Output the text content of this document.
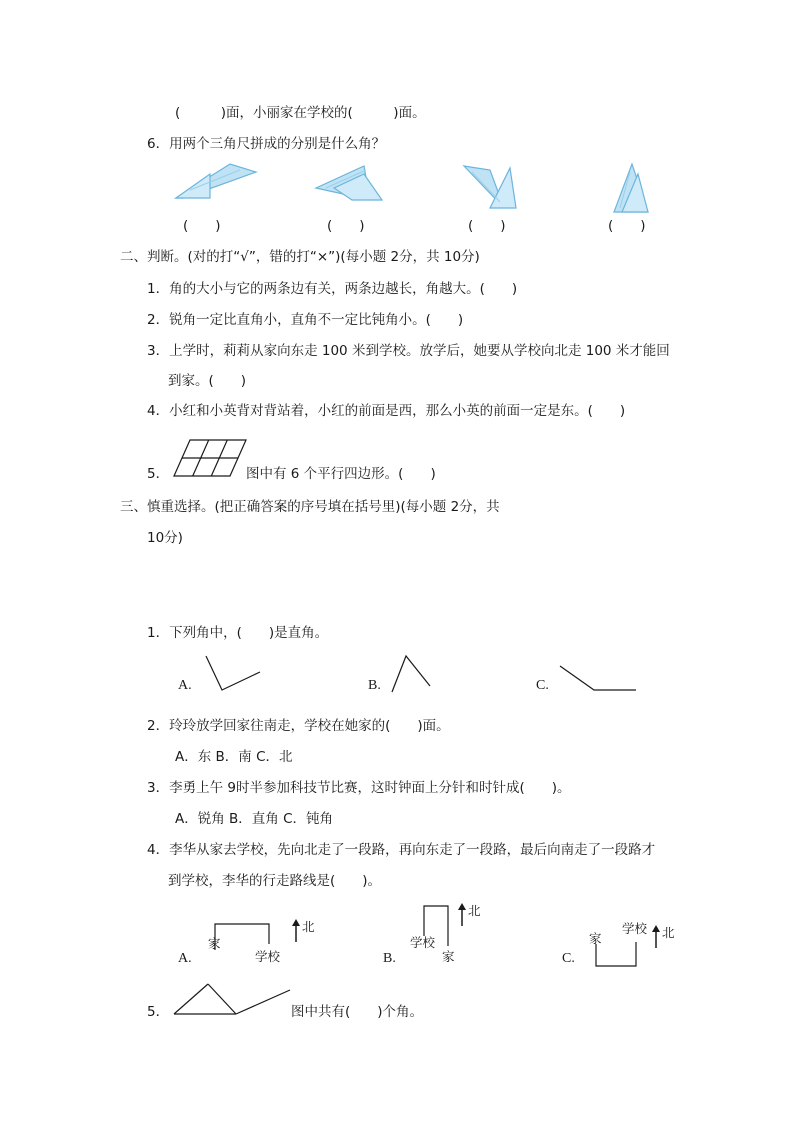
(　　　)面，小丽家在学校的(　　　)面。
6．用两个三角尺拼成的分别是什么角？
(　　)	(　　)	(　　)	(　　)
二、判断。(对的打“√”，错的打“×”)(每小题 2分，共 10分)
1．角的大小与它的两条边有关，两条边越长，角越大。(　　)
2．锐角一定比直角小，直角不一定比钝角小。(　　)
3．上学时，莉莉从家向东走 100 米到学校。放学后，她要从学校向北走 100 米才能回
到家。(　　)
4．小红和小英背对背站着，小红的前面是西，那么小英的前面一定是东。(　　)
5．	图中有 6 个平行四边形。(　　)
三、慎重选择。(把正确答案的序号填在括号里)(每小题 2分，共
10分)
1．下列角中，(　　)是直角。
A.	B.	C.
2．玲玲放学回家往南走，学校在她家的(　　)面。
A．东 B．南 C．北
3．李勇上午 9时半参加科技节比赛，这时钟面上分针和时针成(　　)。
A．锐角 B．直角 C．钝角
4．李华从家去学校，先向北走了一段路，再向东走了一段路，最后向南走了一段路才
到学校，李华的行走路线是(　　)。
A.	B.	C.
家
学校
北
学校
家
北
家
学校 北
5．	图中共有(　　)个角。
